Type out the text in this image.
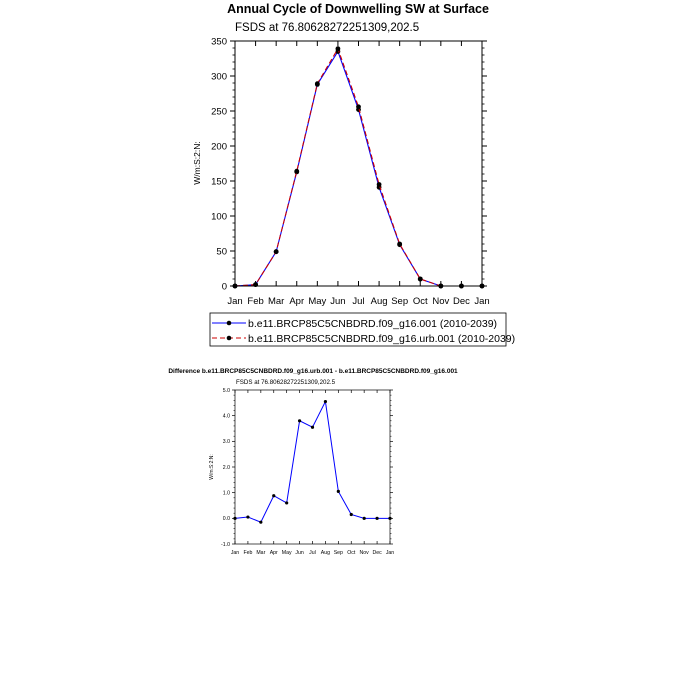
Annual Cycle of Downwelling SW at Surface
FSDS at 76.80628272251309,202.5
W/m:S:2:N:
Jan Feb Mar Apr May Jun Jul Aug Sep Oct Nov Dec Jan
0
50
100
150
200
250
300
350
b.e11.BRCP85C5CNBDRD.f09_g16.001 (2010-2039)
b.e11.BRCP85C5CNBDRD.f09_g16.urb.001 (2010-2039)
Difference b.e11.BRCP85C5CNBDRD.f09_g16.urb.001 - b.e11.BRCP85C5CNBDRD.f09_g16.001
FSDS at 76.80628272251309,202.5
W/m:S:2:N:
Jan Feb Mar Apr May Jun Jul Aug Sep Oct Nov Dec Jan
-1.0
0.0
1.0
2.0
3.0
4.0
5.0
